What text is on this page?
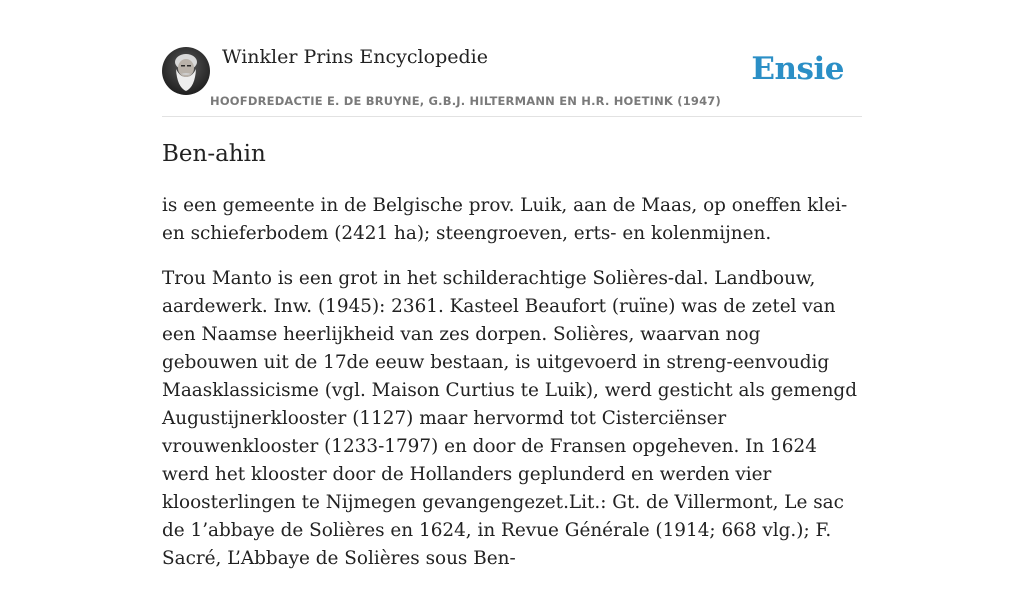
Winkler Prins Encyclopedie
HOOFDREDACTIE E. DE BRUYNE, G.B.J. HILTERMANN EN H.R. HOETINK (1947)
Ensie
Ben-ahin

is een gemeente in de Belgische prov. Luik, aan de Maas, op oneffen klei- en schieferbodem (2421 ha); steengroeven, erts- en kolenmijnen.

Trou Manto is een grot in het schilderachtige Solières-dal. Landbouw, aardewerk. Inw. (1945): 2361. Kasteel Beaufort (ruïne) was de zetel van een Naamse heerlijkheid van zes dorpen. Solières, waarvan nog gebouwen uit de 17de eeuw bestaan, is uitgevoerd in streng-eenvoudig Maasklassicisme (vgl. Maison Curtius te Luik), werd gesticht als gemengd Augustijnerklooster (1127) maar hervormd tot Cisterciënser vrouwenklooster (1233-1797) en door de Fransen opgeheven. In 1624 werd het klooster door de Hollanders geplunderd en werden vier kloosterlingen te Nijmegen gevangengezet.Lit.: Gt. de Villermont, Le sac de 1’abbaye de Solières en 1624, in Revue Générale (1914; 668 vlg.); F. Sacré, L’Abbaye de Solières sous Ben-
